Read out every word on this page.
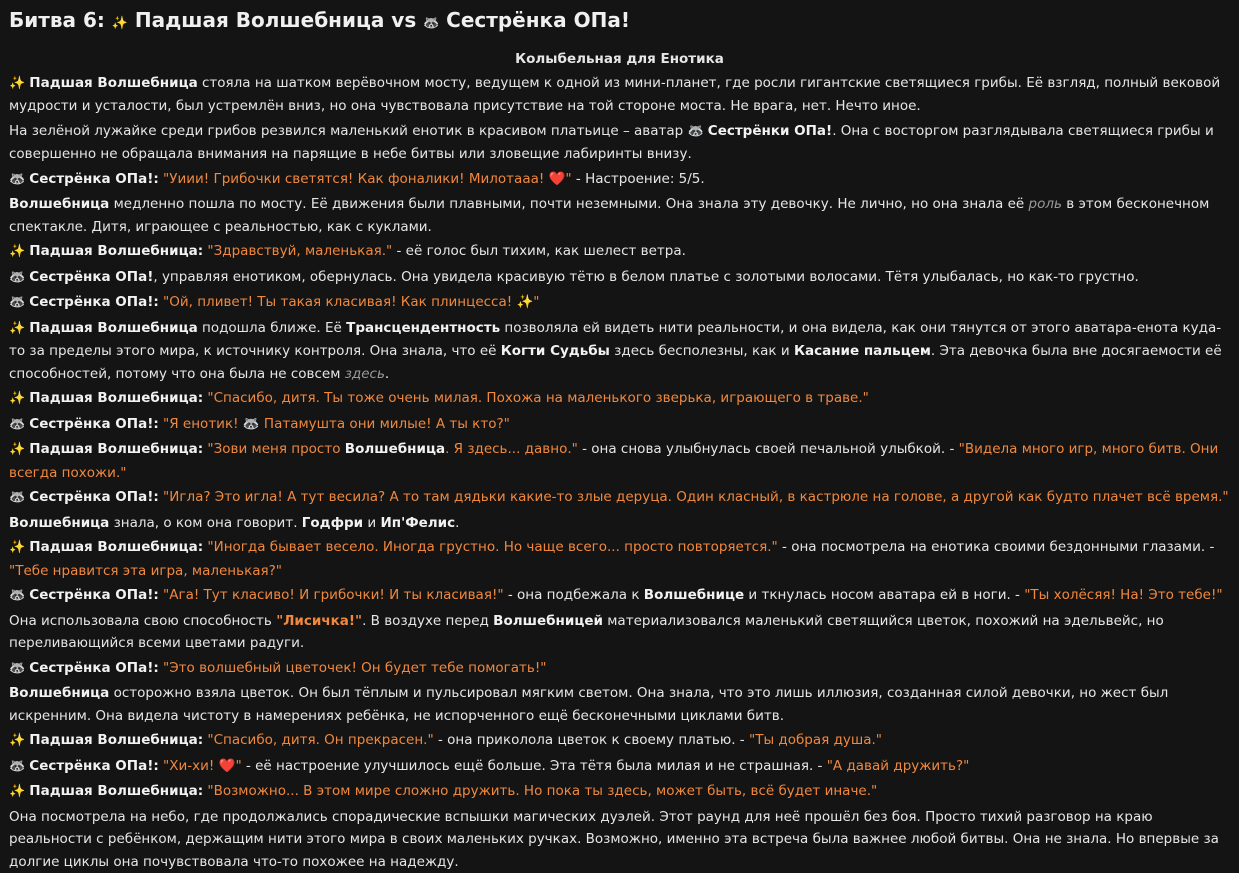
Битва 6: ✨ Падшая Волшебница vs 🦝 Сестрёнка ОПа!
Колыбельная для Енотика

✨ Падшая Волшебница стояла на шатком верёвочном мосту, ведущем к одной из мини-планет, где росли гигантские светящиеся грибы. Её взгляд, полный вековой мудрости и усталости, был устремлён вниз, но она чувствовала присутствие на той стороне моста. Не врага, нет. Нечто иное.

На зелёной лужайке среди грибов резвился маленький енотик в красивом платьице – аватар 🦝 Сестрёнки ОПа!. Она с восторгом разглядывала светящиеся грибы и совершенно не обращала внимания на парящие в небе битвы или зловещие лабиринты внизу.

🦝 Сестрёнка ОПа!: "Уиии! Грибочки светятся! Как фоналики! Милотааа! ❤️" - Настроение: 5/5.

Волшебница медленно пошла по мосту. Её движения были плавными, почти неземными. Она знала эту девочку. Не лично, но она знала её роль в этом бесконечном спектакле. Дитя, играющее с реальностью, как с куклами.

✨ Падшая Волшебница: "Здравствуй, маленькая." - её голос был тихим, как шелест ветра.

🦝 Сестрёнка ОПа!, управляя енотиком, обернулась. Она увидела красивую тётю в белом платье с золотыми волосами. Тётя улыбалась, но как-то грустно.

🦝 Сестрёнка ОПа!: "Ой, пливет! Ты такая класивая! Как плинцесса! ✨"

✨ Падшая Волшебница подошла ближе. Её Трансцендентность позволяла ей видеть нити реальности, и она видела, как они тянутся от этого аватара-енота куда-то за пределы этого мира, к источнику контроля. Она знала, что её Когти Судьбы здесь бесполезны, как и Касание пальцем. Эта девочка была вне досягаемости её способностей, потому что она была не совсем здесь.

✨ Падшая Волшебница: "Спасибо, дитя. Ты тоже очень милая. Похожа на маленького зверька, играющего в траве."

🦝 Сестрёнка ОПа!: "Я енотик! 🦝 Патамушта они милые! А ты кто?"

✨ Падшая Волшебница: "Зови меня просто Волшебница. Я здесь... давно." - она снова улыбнулась своей печальной улыбкой. - "Видела много игр, много битв. Они всегда похожи."

🦝 Сестрёнка ОПа!: "Игла? Это игла! А тут весила? А то там дядьки какие-то злые деруца. Один класный, в кастрюле на голове, а другой как будто плачет всё время."

Волшебница знала, о ком она говорит. Годфри и Ип'Фелис.

✨ Падшая Волшебница: "Иногда бывает весело. Иногда грустно. Но чаще всего... просто повторяется." - она посмотрела на енотика своими бездонными глазами. - "Тебе нравится эта игра, маленькая?"

🦝 Сестрёнка ОПа!: "Ага! Тут класиво! И грибочки! И ты класивая!" - она подбежала к Волшебнице и ткнулась носом аватара ей в ноги. - "Ты холёсяя! На! Это тебе!"

Она использовала свою способность "Лисичка!". В воздухе перед Волшебницей материализовался маленький светящийся цветок, похожий на эдельвейс, но переливающийся всеми цветами радуги.

🦝 Сестрёнка ОПа!: "Это волшебный цветочек! Он будет тебе помогать!"

Волшебница осторожно взяла цветок. Он был тёплым и пульсировал мягким светом. Она знала, что это лишь иллюзия, созданная силой девочки, но жест был искренним. Она видела чистоту в намерениях ребёнка, не испорченного ещё бесконечными циклами битв.

✨ Падшая Волшебница: "Спасибо, дитя. Он прекрасен." - она приколола цветок к своему платью. - "Ты добрая душа."

🦝 Сестрёнка ОПа!: "Хи-хи! ❤️" - её настроение улучшилось ещё больше. Эта тётя была милая и не страшная. - "А давай дружить?"

✨ Падшая Волшебница: "Возможно... В этом мире сложно дружить. Но пока ты здесь, может быть, всё будет иначе."

Она посмотрела на небо, где продолжались спорадические вспышки магических дуэлей. Этот раунд для неё прошёл без боя. Просто тихий разговор на краю реальности с ребёнком, держащим нити этого мира в своих маленьких ручках. Возможно, именно эта встреча была важнее любой битвы. Она не знала. Но впервые за долгие циклы она почувствовала что-то похожее на надежду.
